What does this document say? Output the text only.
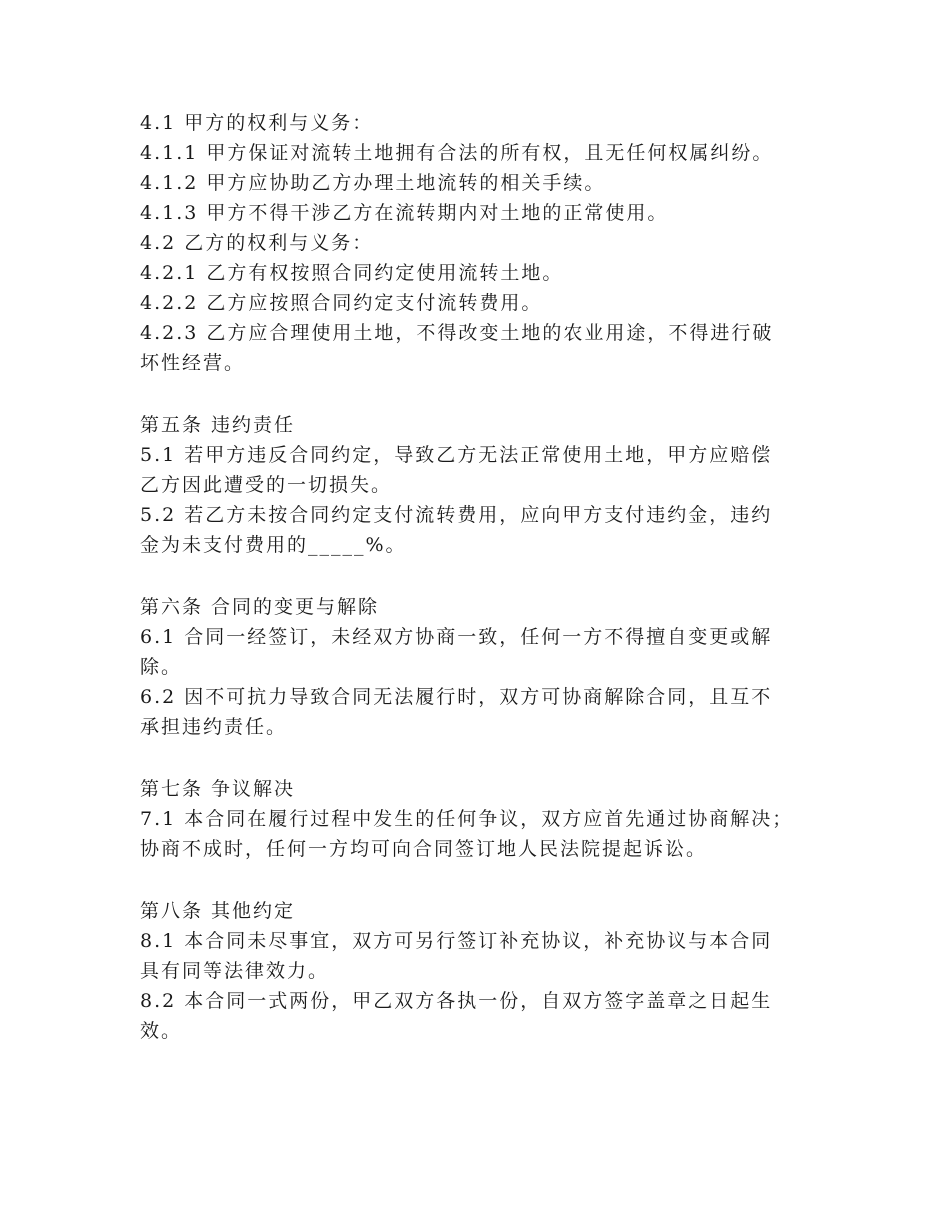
4.1 甲方的权利与义务：
4.1.1 甲方保证对流转土地拥有合法的所有权，且无任何权属纠纷。
4.1.2 甲方应协助乙方办理土地流转的相关手续。
4.1.3 甲方不得干涉乙方在流转期内对土地的正常使用。
4.2 乙方的权利与义务：
4.2.1 乙方有权按照合同约定使用流转土地。
4.2.2 乙方应按照合同约定支付流转费用。
4.2.3 乙方应合理使用土地，不得改变土地的农业用途，不得进行破
坏性经营。
第五条 违约责任
5.1 若甲方违反合同约定，导致乙方无法正常使用土地，甲方应赔偿
乙方因此遭受的一切损失。
5.2 若乙方未按合同约定支付流转费用，应向甲方支付违约金，违约
金为未支付费用的_____%。
第六条 合同的变更与解除
6.1 合同一经签订，未经双方协商一致，任何一方不得擅自变更或解
除。
6.2 因不可抗力导致合同无法履行时，双方可协商解除合同，且互不
承担违约责任。
第七条 争议解决
7.1 本合同在履行过程中发生的任何争议，双方应首先通过协商解决；
协商不成时，任何一方均可向合同签订地人民法院提起诉讼。
第八条 其他约定
8.1 本合同未尽事宜，双方可另行签订补充协议，补充协议与本合同
具有同等法律效力。
8.2 本合同一式两份，甲乙双方各执一份，自双方签字盖章之日起生
效。
